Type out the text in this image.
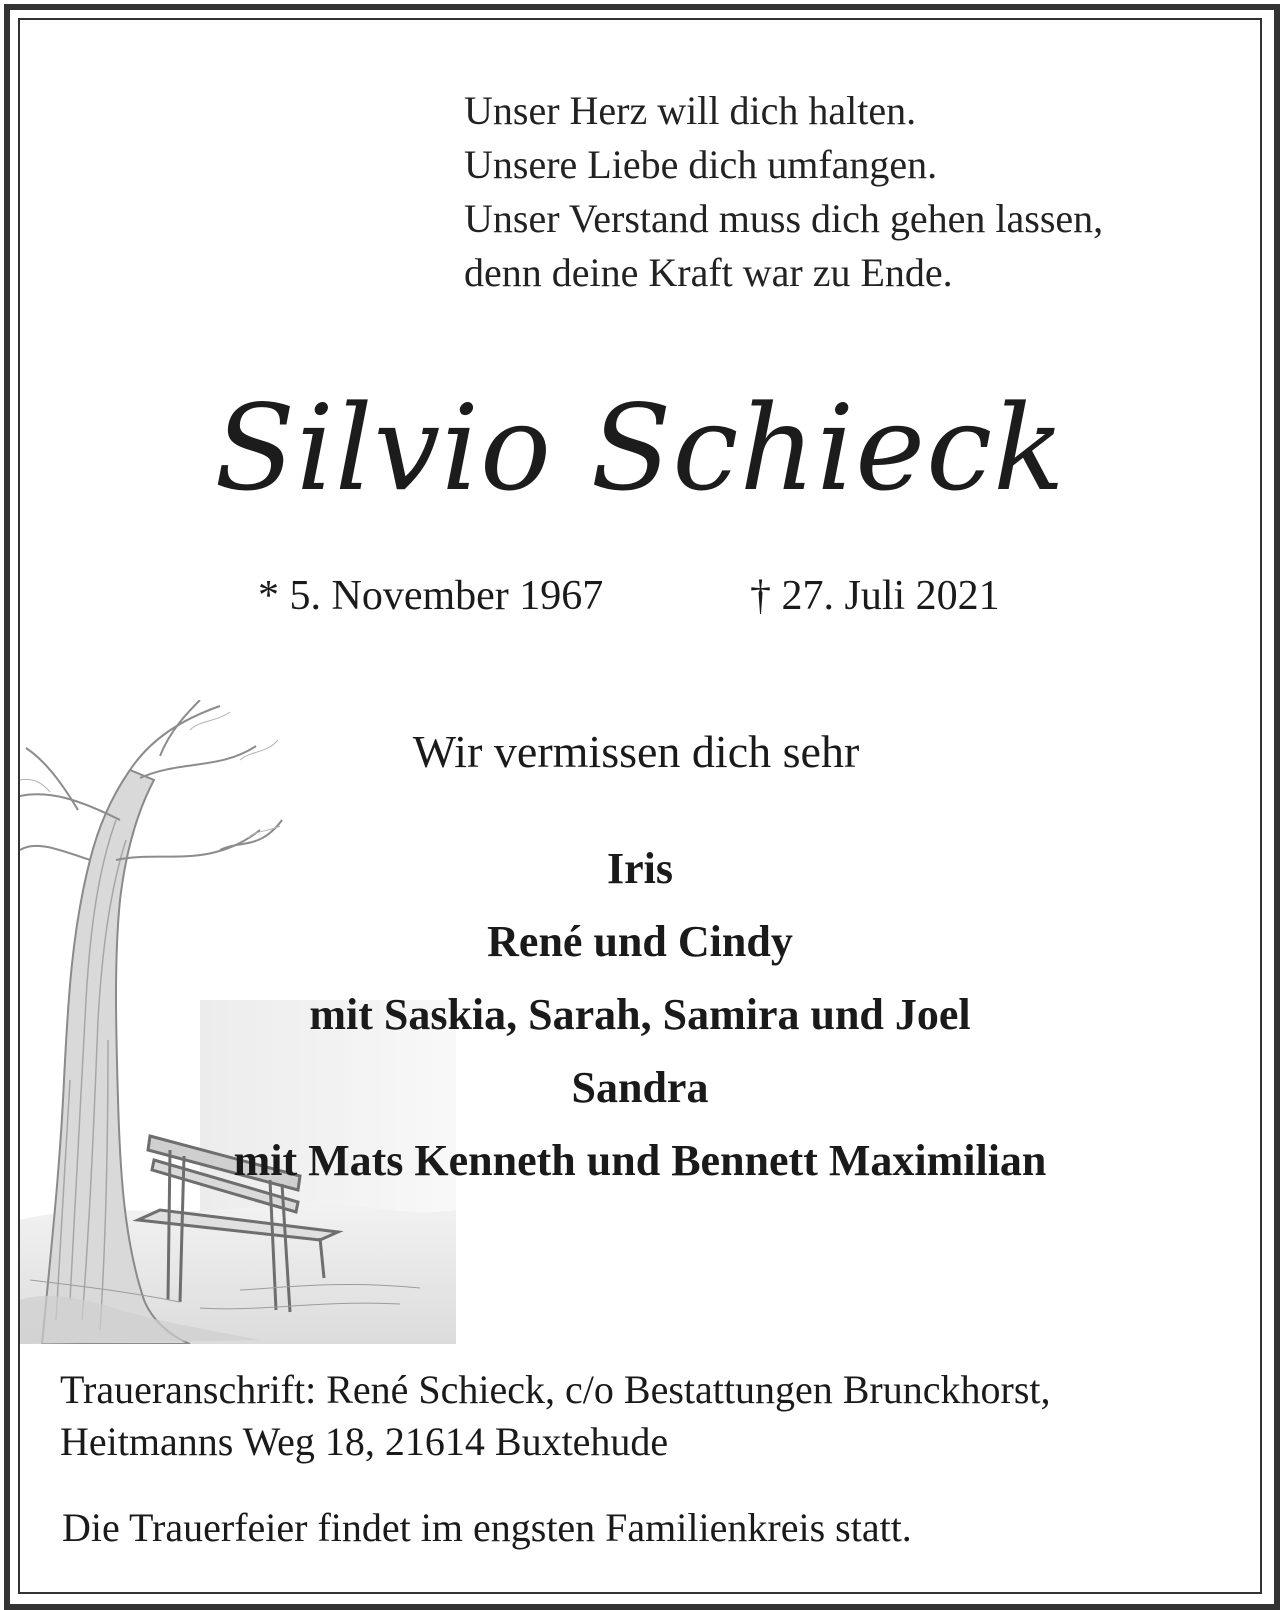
Unser Herz will dich halten.
Unsere Liebe dich umfangen.
Unser Verstand muss dich gehen lassen,
denn deine Kraft war zu Ende.
Silvio Schieck
* 5. November 1967	† 27. Juli 2021
Wir vermissen dich sehr
Iris
René und Cindy
mit Saskia, Sarah, Samira und Joel
Sandra
mit Mats Kenneth und Bennett Maximilian
Traueranschrift: René Schieck, c/o Bestattungen Brunckhorst,
Heitmanns Weg 18, 21614 Buxtehude
Die Trauerfeier findet im engsten Familienkreis statt.
